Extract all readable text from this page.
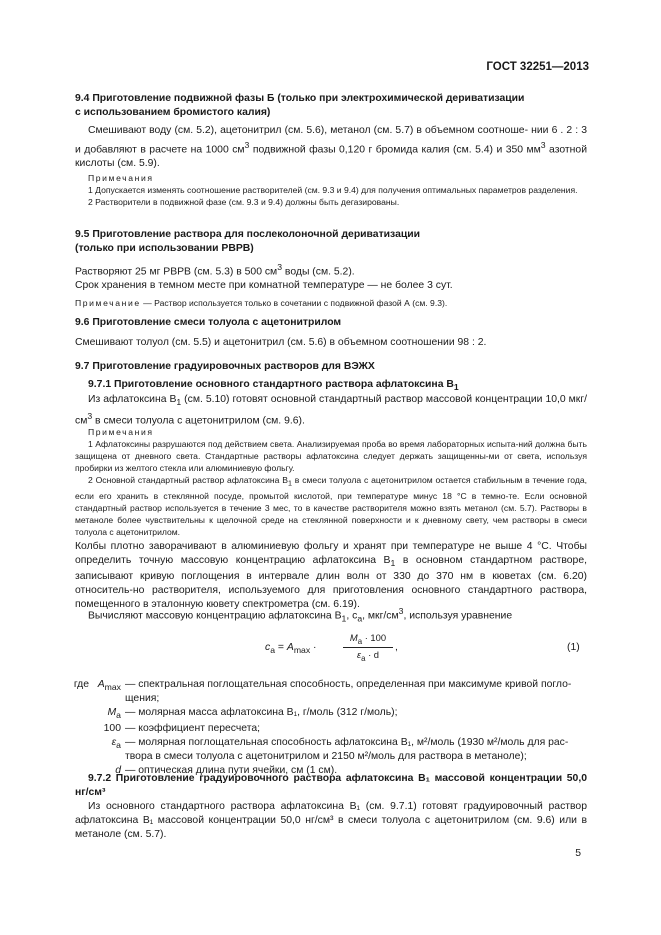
ГОСТ 32251—2013
9.4 Приготовление подвижной фазы Б (только при электрохимической дериватизации
с использованием бромистого калия)
Смешивают воду (см. 5.2), ацетонитрил (см. 5.6), метанол (см. 5.7) в объемном соотноше- нии 6 . 2 : 3 и добавляют в расчете на 1000 $см^3$ подвижной фазы 0,120 г бромида калия (см. 5.4) и 350 $мм^3$ азотной кислоты (см. 5.9).
Примечания
1 Допускается изменять соотношение растворителей (см. 9.3 и 9.4) для получения оптимальных параметров разделения.
2 Растворители в подвижной фазе (см. 9.3 и 9.4) должны быть дегазированы.
9.5 Приготовление раствора для послеколоночной дериватизации
(только при использовании PBPB)
Растворяют 25 мг PBPB (см. 5.3) в 500 $см^3$ воды (см. 5.2).
Срок хранения в темном месте при комнатной температуре — не более 3 сут.
Примечание — Раствор используется только в сочетании с подвижной фазой А (см. 9.3).
9.6 Приготовление смеси толуола с ацетонитрилом
Смешивают толуол (см. 5.5) и ацетонитрил (см. 5.6) в объемном соотношении 98 : 2.
9.7 Приготовление градуировочных растворов для ВЭЖХ
9.7.1 Приготовление основного стандартного раствора афлатоксина $B_1$
Из афлатоксина $B_1$ (см. 5.10) готовят основной стандартный раствор массовой концентрации 10,0 мкг/$см^3$ в смеси толуола с ацетонитрилом (см. 9.6).
Примечания
1 Афлатоксины разрушаются под действием света. Анализируемая проба во время лабораторных испыта-ний должна быть защищена от дневного света. Стандартные растворы афлатоксина следует держать защищенны-ми от света, используя пробирки из желтого стекла или алюминиевую фольгу.
2 Основной стандартный раствор афлатоксина $B_1$ в смеси толуола с ацетонитрилом остается стабильным в течение года, если его хранить в стеклянной посуде, промытой кислотой, при температуре минус 18 °С в темно-те. Если основной стандартный раствор используется в течение 3 мес, то в качестве растворителя можно взять метанол (см. 5.7). Растворы в метаноле более чувствительны к щелочной среде на стеклянной поверхности и к дневному свету, чем растворы в смеси толуола с ацетонитрилом.
Колбы плотно заворачивают в алюминиевую фольгу и хранят при температуре не выше 4 °С. Чтобы определить точную массовую концентрацию афлатоксина $B_1$ в основном стандартном растворе, записывают кривую поглощения в интервале длин волн от 330 до 370 нм в кюветах (см. 6.20) относитель-но растворителя, используемого для приготовления основного стандартного раствора, помещенного в эталонную кювету спектрометра (см. 6.19).
Вычисляют массовую концентрацию афлатоксина $B_1$, $c_a$, мкг/$см^3$, используя уравнение
$c_a = A_{max}$ ·	$\frac{M_a \cdot 100}{\varepsilon_a \cdot d}$ ,	(1)
где $A_{max}$ — спектральная поглощательная способность, определенная при максимуме кривой погло-щения;
$M_a$ — молярная масса афлатоксина B₁, г/моль (312 г/моль);
100 — коэффициент пересчета;
$\varepsilon_a$ — молярная поглощательная способность афлатоксина B₁, м²/моль (1930 м²/моль для рас-твора в смеси толуола с ацетонитрилом и 2150 м²/моль для раствора в метаноле);
d — оптическая длина пути ячейки, см (1 см).
9.7.2 Приготовление градуировочного раствора афлатоксина B₁ массовой концентрации 50,0 нг/см³
Из основного стандартного раствора афлатоксина B₁ (см. 9.7.1) готовят градуировочный раствор афлатоксина B₁ массовой концентрации 50,0 нг/см³ в смеси толуола с ацетонитрилом (см. 9.6) или в метаноле (см. 5.7).
5
